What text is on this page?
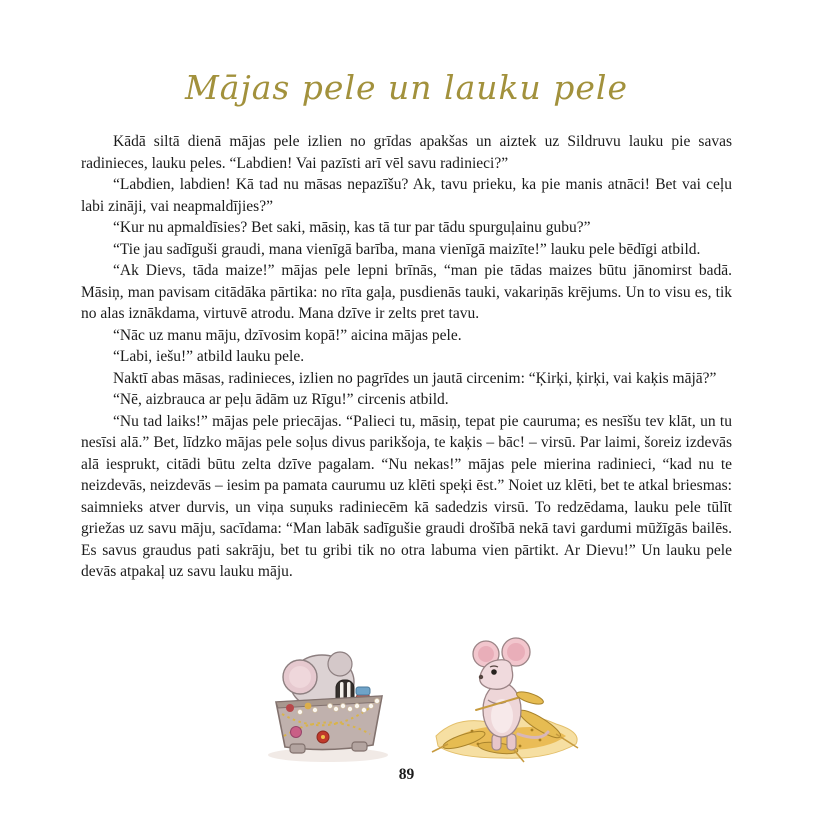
Mājas pele un lauku pele

Kādā siltā dienā mājas pele izlien no grīdas apakšas un aiztek uz Sildruvu lauku pie savas radinieces, lauku peles. “Labdien! Vai pazīsti arī vēl savu radinieci?”

“Labdien, labdien! Kā tad nu māsas nepazīšu? Ak, tavu prieku, ka pie manis atnāci! Bet vai ceļu labi zināji, vai neapmaldījies?”

“Kur nu apmaldīsies? Bet saki, māsiņ, kas tā tur par tādu spurguļainu gubu?”

“Tie jau sadīguši graudi, mana vienīgā barība, mana vienīgā maizīte!” lauku pele bēdīgi atbild.

“Ak Dievs, tāda maize!” mājas pele lepni brīnās, “man pie tādas maizes būtu jānomirst badā. Māsiņ, man pavisam citādāka pārtika: no rīta gaļa, pusdienās tauki, vakariņās krējums. Un to visu es, tik no alas iznākdama, virtuvē atrodu. Mana dzīve ir zelts pret tavu.

“Nāc uz manu māju, dzīvosim kopā!” aicina mājas pele.

“Labi, iešu!” atbild lauku pele.

Naktī abas māsas, radinieces, izlien no pagrīdes un jautā circenim: “Ķirķi, ķirķi, vai kaķis mājā?”

“Nē, aizbrauca ar peļu ādām uz Rīgu!” circenis atbild.

“Nu tad laiks!” mājas pele priecājas. “Palieci tu, māsiņ, tepat pie cauruma; es nesīšu tev klāt, un tu nesīsi alā.” Bet, līdzko mājas pele soļus divus parikšoja, te kaķis – bāc! – virsū. Par laimi, šoreiz izdevās alā iesprukt, citādi būtu zelta dzīve pagalam. “Nu nekas!” mājas pele mierina radinieci, “kad nu te neizdevās, neizdevās – iesim pa pamata caurumu uz klēti speķi ēst.” Noiet uz klēti, bet te atkal briesmas: saimnieks atver durvis, un viņa suņuks radiniecēm kā sadedzis virsū. To redzēdama, lauku pele tūlīt griežas uz savu māju, sacīdama: “Man labāk sadīgušie graudi drošībā nekā tavi gardumi mūžīgās bailēs. Es savus graudus pati sakrāju, bet tu gribi tik no otra labuma vien pārtikt. Ar Dievu!” Un lauku pele devās atpakaļ uz savu lauku māju.

89
